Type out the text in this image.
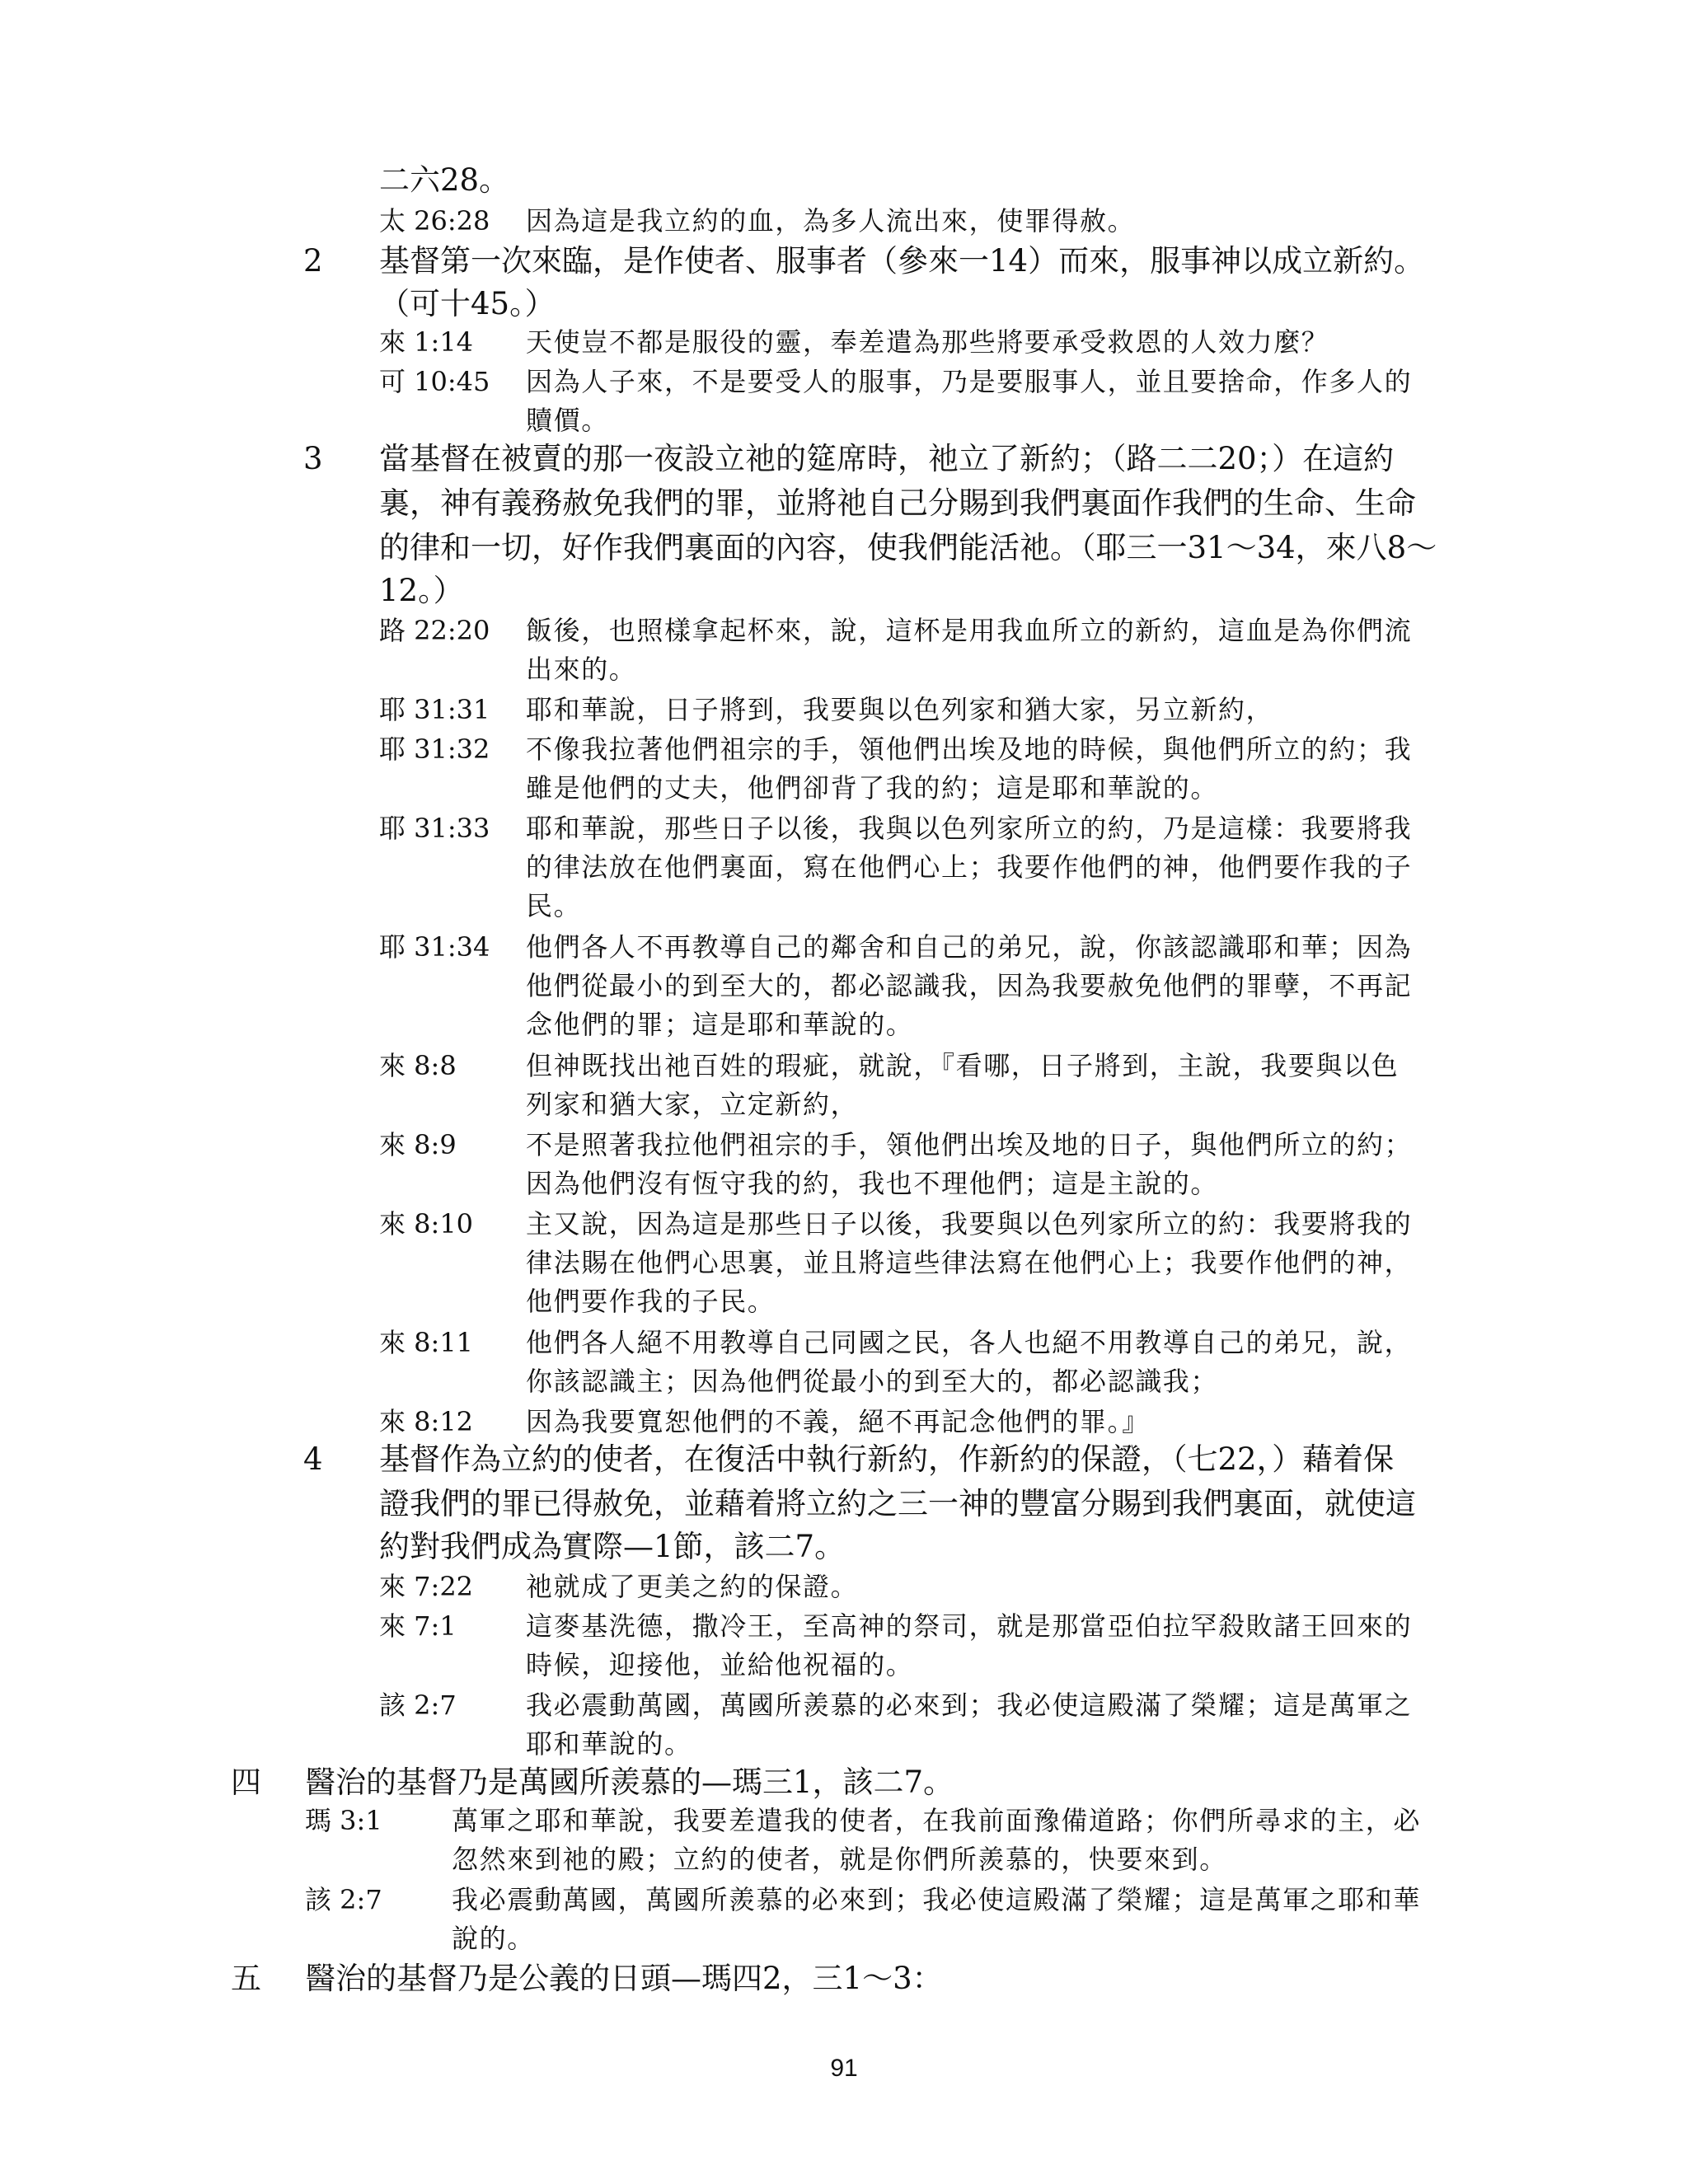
二六28。
太 26:28 因為這是我立約的血，為多人流出來，使罪得赦。
2 基督第一次來臨，是作使者、服事者（參來一14）而來，服事神以成立新約。
（可十45。）
來 1:14 天使豈不都是服役的靈，奉差遣為那些將要承受救恩的人效力麼？
可 10:45 因為人子來，不是要受人的服事，乃是要服事人，並且要捨命，作多人的
贖價。
3 當基督在被賣的那一夜設立祂的筵席時，祂立了新約；（路二二20；）在這約
裏，神有義務赦免我們的罪，並將祂自己分賜到我們裏面作我們的生命、生命
的律和一切，好作我們裏面的內容，使我們能活祂。（耶三一31～34，來八8～
12。）
路 22:20 飯後，也照樣拿起杯來，說，這杯是用我血所立的新約，這血是為你們流
出來的。
耶 31:31 耶和華說，日子將到，我要與以色列家和猶大家，另立新約，
耶 31:32 不像我拉著他們祖宗的手，領他們出埃及地的時候，與他們所立的約；我
雖是他們的丈夫，他們卻背了我的約；這是耶和華說的。
耶 31:33 耶和華說，那些日子以後，我與以色列家所立的約，乃是這樣：我要將我
的律法放在他們裏面，寫在他們心上；我要作他們的神，他們要作我的子
民。
耶 31:34 他們各人不再教導自己的鄰舍和自己的弟兄，說，你該認識耶和華；因為
他們從最小的到至大的，都必認識我，因為我要赦免他們的罪孽，不再記
念他們的罪；這是耶和華說的。
來 8:8	但神既找出祂百姓的瑕疵，就說，『看哪，日子將到，主說，我要與以色
列家和猶大家，立定新約，
來 8:9	不是照著我拉他們祖宗的手，領他們出埃及地的日子，與他們所立的約；
因為他們沒有恆守我的約，我也不理他們；這是主說的。
來 8:10 主又說，因為這是那些日子以後，我要與以色列家所立的約：我要將我的
律法賜在他們心思裏，並且將這些律法寫在他們心上；我要作他們的神，
他們要作我的子民。
來 8:11 他們各人絕不用教導自己同國之民，各人也絕不用教導自己的弟兄，說，
你該認識主；因為他們從最小的到至大的，都必認識我；
來 8:12 因為我要寬恕他們的不義，絕不再記念他們的罪。』
4 基督作為立約的使者，在復活中執行新約，作新約的保證，（七22，）藉着保
證我們的罪已得赦免，並藉着將立約之三一神的豐富分賜到我們裏面，就使這
約對我們成為實際—1節，該二7。
來 7:22 祂就成了更美之約的保證。
來 7:1	這麥基洗德，撒冷王，至高神的祭司，就是那當亞伯拉罕殺敗諸王回來的
時候，迎接他，並給他祝福的。
該 2:7	我必震動萬國，萬國所羨慕的必來到；我必使這殿滿了榮耀；這是萬軍之
耶和華說的。
四 醫治的基督乃是萬國所羨慕的—瑪三1，該二7。
瑪 3:1	萬軍之耶和華說，我要差遣我的使者，在我前面豫備道路；你們所尋求的主，必
忽然來到祂的殿；立約的使者，就是你們所羨慕的，快要來到。
該 2:7	我必震動萬國，萬國所羨慕的必來到；我必使這殿滿了榮耀；這是萬軍之耶和華
說的。
五 醫治的基督乃是公義的日頭—瑪四2，三1～3：
91
